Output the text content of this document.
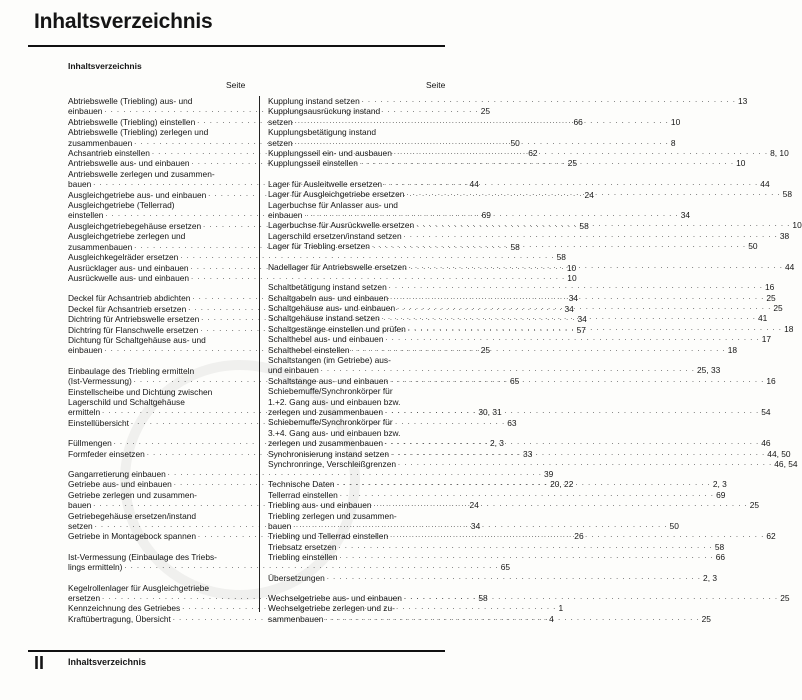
Inhaltsverzeichnis
Inhaltsverzeichnis
Seite	Seite
Abtriebswelle (Triebling) aus- und
einbauen . . .	25
Abtriebswelle (Triebling) einstellen . . .	66
Abtriebswelle (Triebling) zerlegen und
zusammenbauen . . .	50
Achsantrieb einstellen . . .	62
Antriebswelle aus- und einbauen . . .	25
Antriebswelle zerlegen und zusammen-
bauen . . .	44
Ausgleichgetriebe aus- und einbauen . . .	24
Ausgleichgetriebe (Tellerrad)
einstellen . . .	69
Ausgleichgetriebegehäuse ersetzen . . .	58
Ausgleichgetriebe zerlegen und
zusammenbauen . . .	58
Ausgleichkegelräder ersetzen . . .	58
Ausrücklager aus- und einbauen . . .	10
Ausrückwelle aus- und einbauen . . .	10
Deckel für Achsantrieb abdichten . . .	34
Deckel für Achsantrieb ersetzen . . .	34
Dichtring für Antriebswelle ersetzen . . .	34
Dichtring für Flanschwelle ersetzen . . .	57
Dichtung für Schaltgehäuse aus- und
einbauen . . .	25
Einbaulage des Triebling ermitteln
(Ist-Vermessung) . . .	65
Einstellscheibe und Dichtung zwischen
Lagerschild und Schaltgehäuse
ermitteln . . .	30, 31
Einstellübersicht . . .	63
Füllmengen . . .	2, 3
Formfeder einsetzen . . .	33
Gangarretierung einbauen . . .	39
Getriebe aus- und einbauen . . .	20, 22
Getriebe zerlegen und zusammen-
bauen . . .	24
Getriebegehäuse ersetzen/instand
setzen . . .	34
Getriebe in Montagebock spannen . . .	26
Ist-Vermessung (Einbaulage des Triebs-
lings ermitteln) . . .	65
Kegelrollenlager für Ausgleichgetriebe
ersetzen . . .	58
Kennzeichnung des Getriebes . . .	1
Kraftübertragung, Übersicht . . .	4
Kupplung instand setzen . . .	13
Kupplungsausrückung instand
setzen . . .	10
Kupplungsbetätigung instand
setzen . . .	8
Kupplungsseil ein- und ausbauen . . .	8, 10
Kupplungsseil einstellen . . .	10
Lager für Ausleitwelle ersetzen . . .	44
Lager für Ausgleichgetriebe ersetzen . . .	58
Lagerbuchse für Anlasser aus- und
einbauen . . .	34
Lagerbuchse für Ausrückwelle ersetzen . . .	10
Lagerschild ersetzen/instand setzen . . .	38
Lager für Triebling ersetzen . . .	50
Nadellager für Antriebswelle ersetzen . . .	44
Schaltbetätigung instand setzen . . .	16
Schaltgabeln aus- und einbauen . . .	25
Schaltgehäuse aus- und einbauen . . .	25
Schaltgehäuse instand setzen . . .	41
Schaltgestänge einstellen und prüfen . . .	18
Schalthebel aus- und einbauen . . .	17
Schalthebel einstellen . . .	18
Schaltstangen (im Getriebe) aus-
und einbauen . . .	25, 33
Schaltstange aus- und einbauen . . .	16
Schiebemuffe/Synchronkörper für
1.+2. Gang aus- und einbauen bzw.
zerlegen und zusammenbauen . . .	54
Schiebemuffe/Synchronkörper für
3.+4. Gang aus- und einbauen bzw.
zerlegen und zusammenbauen . . .	46
Synchronisierung instand setzen . . .	44, 50
Synchronringe, Verschleißgrenzen . . .	46, 54
Technische Daten . . .	2, 3
Tellerrad einstellen . . .	69
Triebling aus- und einbauen . . .	25
Triebling zerlegen und zusammen-
bauen . . .	50
Triebling und Tellerrad einstellen . . .	62
Triebsatz ersetzen . . .	58
Triebling einstellen . . .	66
Übersetzungen . . .	2, 3
Wechselgetriebe aus- und einbauen . . .	25
Wechselgetriebe zerlegen und zu-
sammenbauen . . .	25
II	Inhaltsverzeichnis
